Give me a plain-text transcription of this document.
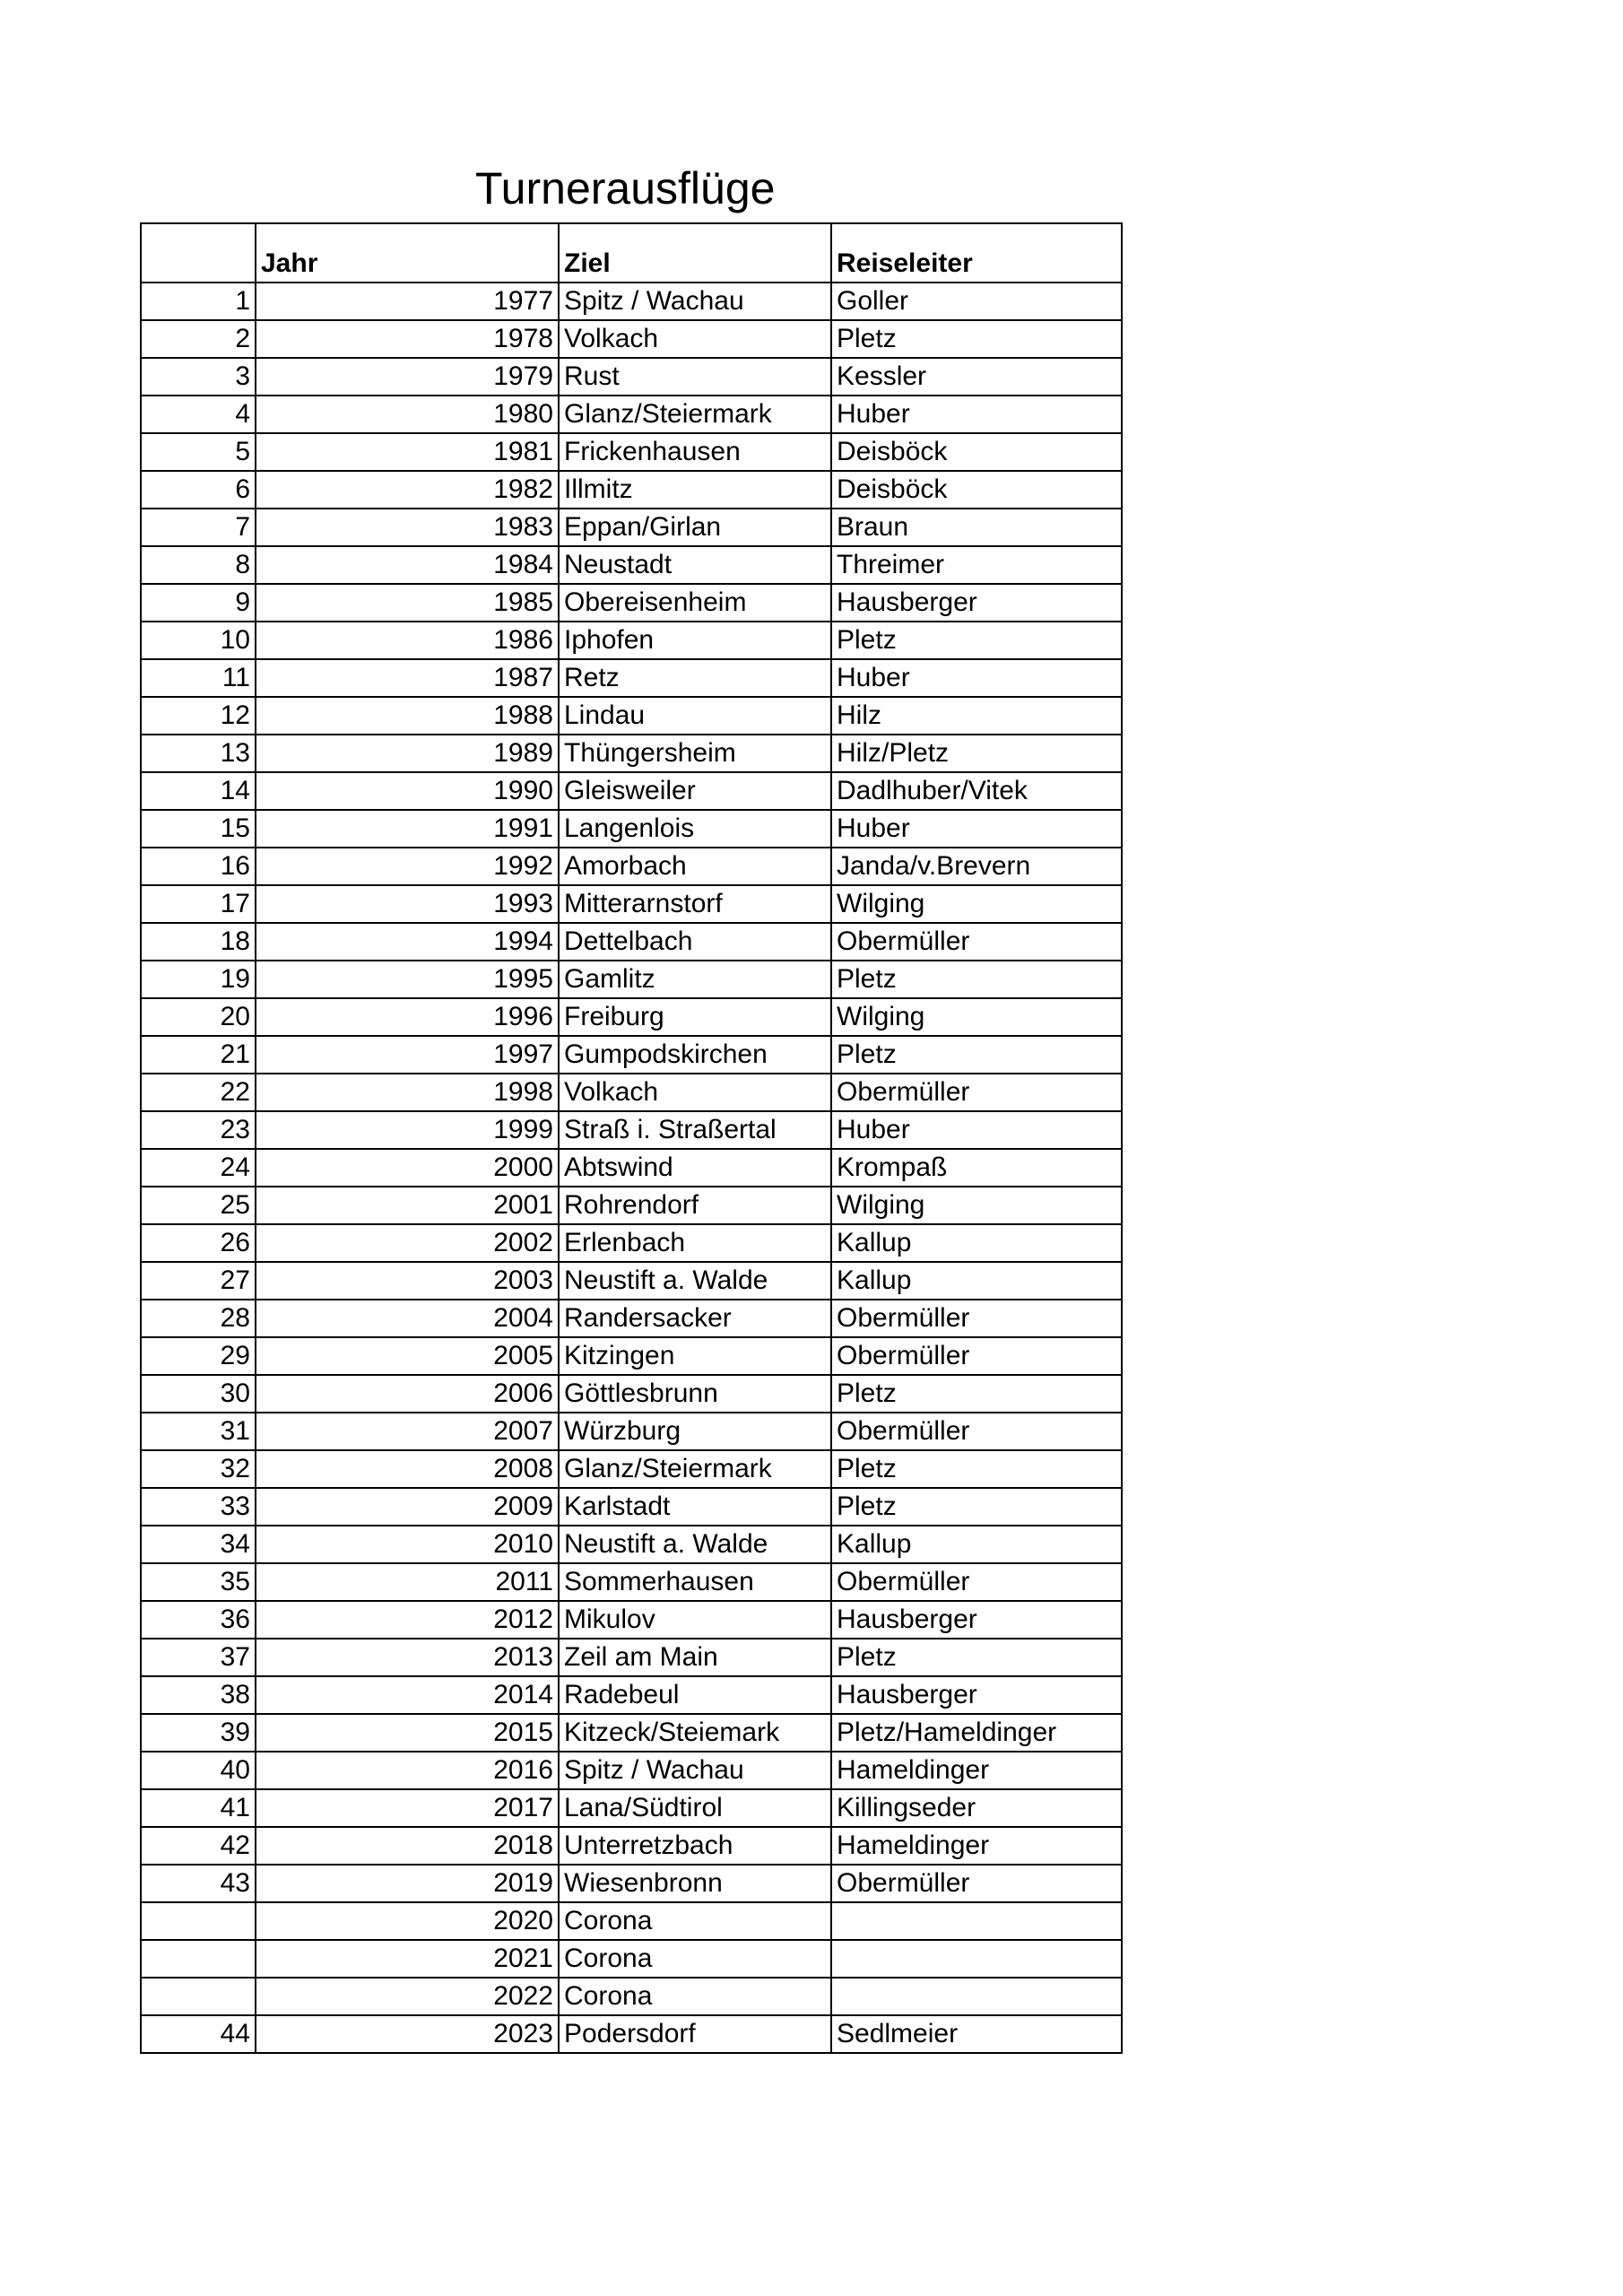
Turnerausflüge
	Jahr	Ziel	Reiseleiter
1	1977	Spitz / Wachau	Goller
2	1978	Volkach	Pletz
3	1979	Rust	Kessler
4	1980	Glanz/Steiermark	Huber
5	1981	Frickenhausen	Deisböck
6	1982	Illmitz	Deisböck
7	1983	Eppan/Girlan	Braun
8	1984	Neustadt	Threimer
9	1985	Obereisenheim	Hausberger
10	1986	Iphofen	Pletz
11	1987	Retz	Huber
12	1988	Lindau	Hilz
13	1989	Thüngersheim	Hilz/Pletz
14	1990	Gleisweiler	Dadlhuber/Vitek
15	1991	Langenlois	Huber
16	1992	Amorbach	Janda/v.Brevern
17	1993	Mitterarnstorf	Wilging
18	1994	Dettelbach	Obermüller
19	1995	Gamlitz	Pletz
20	1996	Freiburg	Wilging
21	1997	Gumpodskirchen	Pletz
22	1998	Volkach	Obermüller
23	1999	Straß i. Straßertal	Huber
24	2000	Abtswind	Krompaß
25	2001	Rohrendorf	Wilging
26	2002	Erlenbach	Kallup
27	2003	Neustift a. Walde	Kallup
28	2004	Randersacker	Obermüller
29	2005	Kitzingen	Obermüller
30	2006	Göttlesbrunn	Pletz
31	2007	Würzburg	Obermüller
32	2008	Glanz/Steiermark	Pletz
33	2009	Karlstadt	Pletz
34	2010	Neustift a. Walde	Kallup
35	2011	Sommerhausen	Obermüller
36	2012	Mikulov	Hausberger
37	2013	Zeil am Main	Pletz
38	2014	Radebeul	Hausberger
39	2015	Kitzeck/Steiemark	Pletz/Hameldinger
40	2016	Spitz / Wachau	Hameldinger
41	2017	Lana/Südtirol	Killingseder
42	2018	Unterretzbach	Hameldinger
43	2019	Wiesenbronn	Obermüller
	2020	Corona	
	2021	Corona	
	2022	Corona	
44	2023	Podersdorf	Sedlmeier
